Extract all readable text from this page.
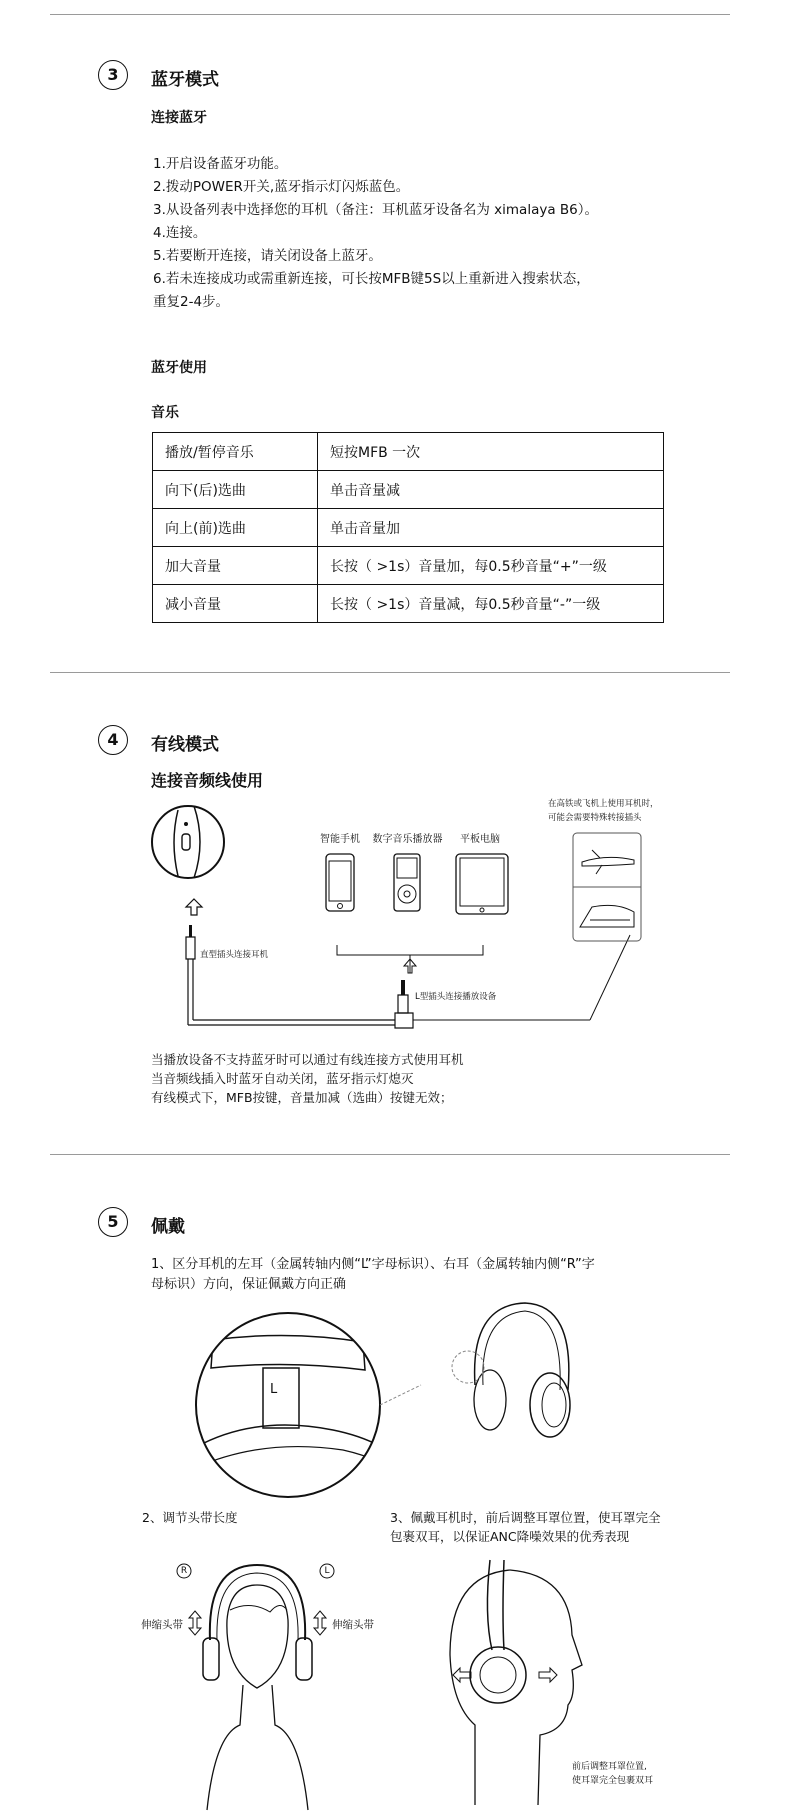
3	蓝牙模式
连接蓝牙

1.开启设备蓝牙功能。

2.拨动POWER开关,蓝牙指示灯闪烁蓝色。

3.从设备列表中选择您的耳机（备注：耳机蓝牙设备名为 ximalaya B6）。

4.连接。

5.若要断开连接，请关闭设备上蓝牙。

6.若未连接成功或需重新连接，可长按MFB键5S以上重新进入搜索状态，

重复2-4步。

蓝牙使用
音乐
播放/暂停音乐	短按MFB 一次
向下(后)选曲	单击音量减
向上(前)选曲	单击音量加
加大音量	长按（ >1s）音量加，每0.5秒音量“+”一级
减小音量	长按（ >1s）音量减，每0.5秒音量“-”一级
4	有线模式
连接音频线使用
直型插头连接耳机
L型插头连接播放设备
智能手机	数字音乐播放器	平板电脑
在高铁或飞机上使用耳机时，
可能会需要特殊转接插头
当播放设备不支持蓝牙时可以通过有线连接方式使用耳机
当音频线插入时蓝牙自动关闭，蓝牙指示灯熄灭
有线模式下，MFB按键，音量加减（选曲）按键无效；
5	佩戴
1、区分耳机的左耳（金属转轴内侧“L”字母标识）、右耳（金属转轴内侧“R”字
母标识）方向，保证佩戴方向正确
L
2、调节头带长度	3、佩戴耳机时，前后调整耳罩位置，使耳罩完全
包裹双耳，以保证ANC降噪效果的优秀表现
R	L
伸缩头带	伸缩头带
前后调整耳罩位置,
使耳罩完全包裹双耳
